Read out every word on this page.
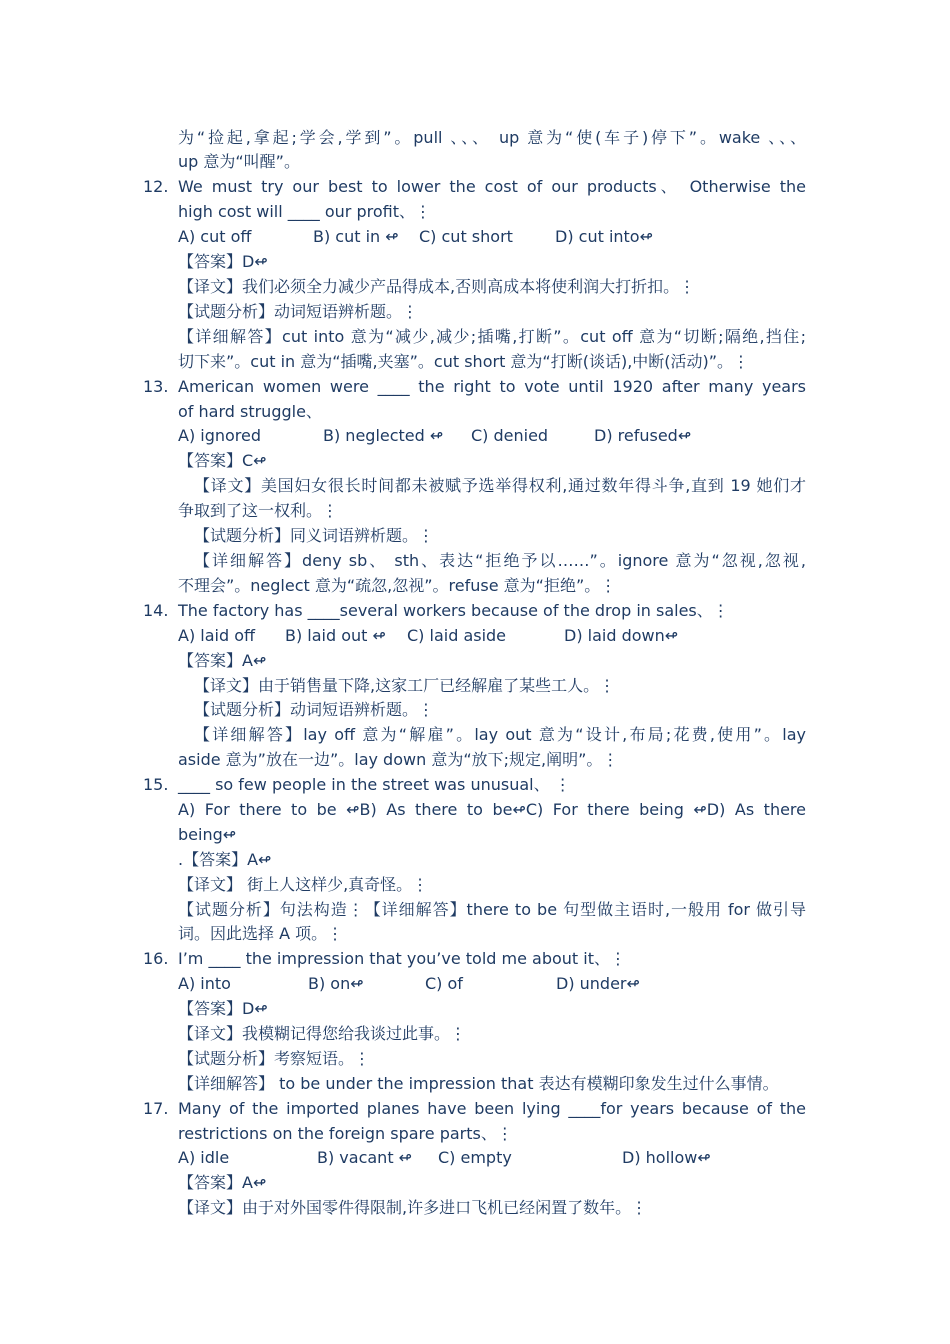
为“捡起,拿起;学会,学到”。pull 、、、 up 意为“使(车子)停下”。wake 、、、
up 意为“叫醒”。
12. We must try our best to lower the cost of our products、 Otherwise the
high cost will ____ our profit、⋮
A) cut off	B) cut in ↫ C) cut short	D) cut into↫
【答案】D↫
【译文】我们必须全力减少产品得成本,否则高成本将使利润大打折扣。⋮
【试题分析】动词短语辨析题。⋮
【详细解答】cut into 意为“减少,减少;插嘴,打断”。cut off 意为“切断;隔绝,挡住;
切下来”。cut in 意为“插嘴,夹塞”。cut short 意为“打断(谈话),中断(活动)”。⋮
13. American women were ____ the right to vote until 1920 after many years
of hard struggle、
A) ignored	B) neglected ↫ C) denied	D) refused↫
【答案】C↫
【译文】美国妇女很长时间都未被赋予选举得权利,通过数年得斗争,直到 19 她们才
争取到了这一权利。⋮
【试题分析】同义词语辨析题。⋮
【详细解答】deny sb、 sth、表达“拒绝予以……”。ignore 意为“忽视,忽视,
不理会”。neglect 意为“疏忽,忽视”。refuse 意为“拒绝”。⋮
14. The factory has ____several workers because of the drop in sales、⋮
A) laid off B) laid out ↫ C) laid aside	D) laid down↫
【答案】A↫
【译文】由于销售量下降,这家工厂已经解雇了某些工人。⋮
【试题分析】动词短语辨析题。⋮
【详细解答】lay off 意为“解雇”。lay out 意为“设计,布局;花费,使用”。lay
aside 意为”放在一边”。lay down 意为“放下;规定,阐明”。⋮
15. ____ so few people in the street was unusual、 ⋮
A) For there to be ↫B) As there to be↫C) For there being ↫D) As there
being↫
.【答案】A↫
【译文】 街上人这样少,真奇怪。⋮
【试题分析】句法构造⋮【详细解答】there to be 句型做主语时,一般用 for 做引导
词。因此选择 A 项。⋮
16. I’m ____ the impression that you’ve told me about it、⋮
A) into	B) on↫	C) of	D) under↫
【答案】D↫
【译文】我模糊记得您给我谈过此事。⋮
【试题分析】考察短语。⋮
【详细解答】 to be under the impression that 表达有模糊印象发生过什么事情。
17. Many of the imported planes have been lying ____for years because of the
restrictions on the foreign spare parts、⋮
A) idle	B) vacant ↫ C) empty	D) hollow↫
【答案】A↫
【译文】由于对外国零件得限制,许多进口飞机已经闲置了数年。⋮
